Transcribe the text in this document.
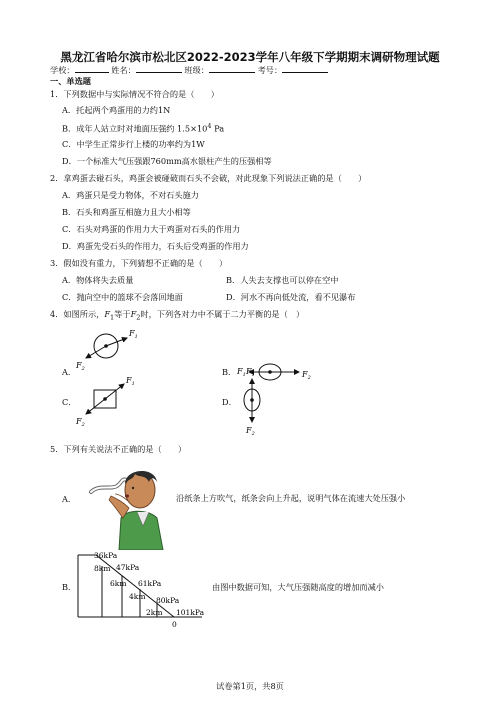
黑龙江省哈尔滨市松北区2022-2023学年八年级下学期期末调研物理试题
学校：	姓名：	班级：	考号：
一、单选题
1．下列数据中与实际情况不符合的是（　　）
A．托起两个鸡蛋用的力约1N
B．成年人站立时对地面压强约 $1.5\times 10^4$ Pa
C．中学生正常步行上楼的功率约为1W
D．一个标准大气压强跟760mm高水银柱产生的压强相等
2．拿鸡蛋去碰石头，鸡蛋会被碰破而石头不会破，对此现象下列说法正确的是（　　）
A．鸡蛋只是受力物体，不对石头施力
B．石头和鸡蛋互相施力且大小相等
C．石头对鸡蛋的作用力大于鸡蛋对石头的作用力
D．鸡蛋先受石头的作用力，石头后受鸡蛋的作用力
3．假如没有重力，下列猜想不正确的是（　　）
A．物体将失去质量	B．人失去支撑也可以停在空中
C．抛向空中的篮球不会落回地面	D．河水不再向低处流，看不见瀑布
4．如图所示，$F_1$等于$F_2$时，下列各对力中不属于二力平衡的是（　）
A．
$F_1$
$F_2$	B． $F_1$	$F_2$
C．
$F_1$
$F_2$
D．
$F_1$
$F_2$
5．下列有关说法不正确的是（　　）
A．	沿纸条上方吹气，纸条会向上升起，说明气体在流速大处压强小
B．
36kPa
8km 47kPa
6km 61kPa
4km 80kPa
2km 101kPa
0
由图中数据可知，大气压强随高度的增加而减小
试卷第1页，共8页
